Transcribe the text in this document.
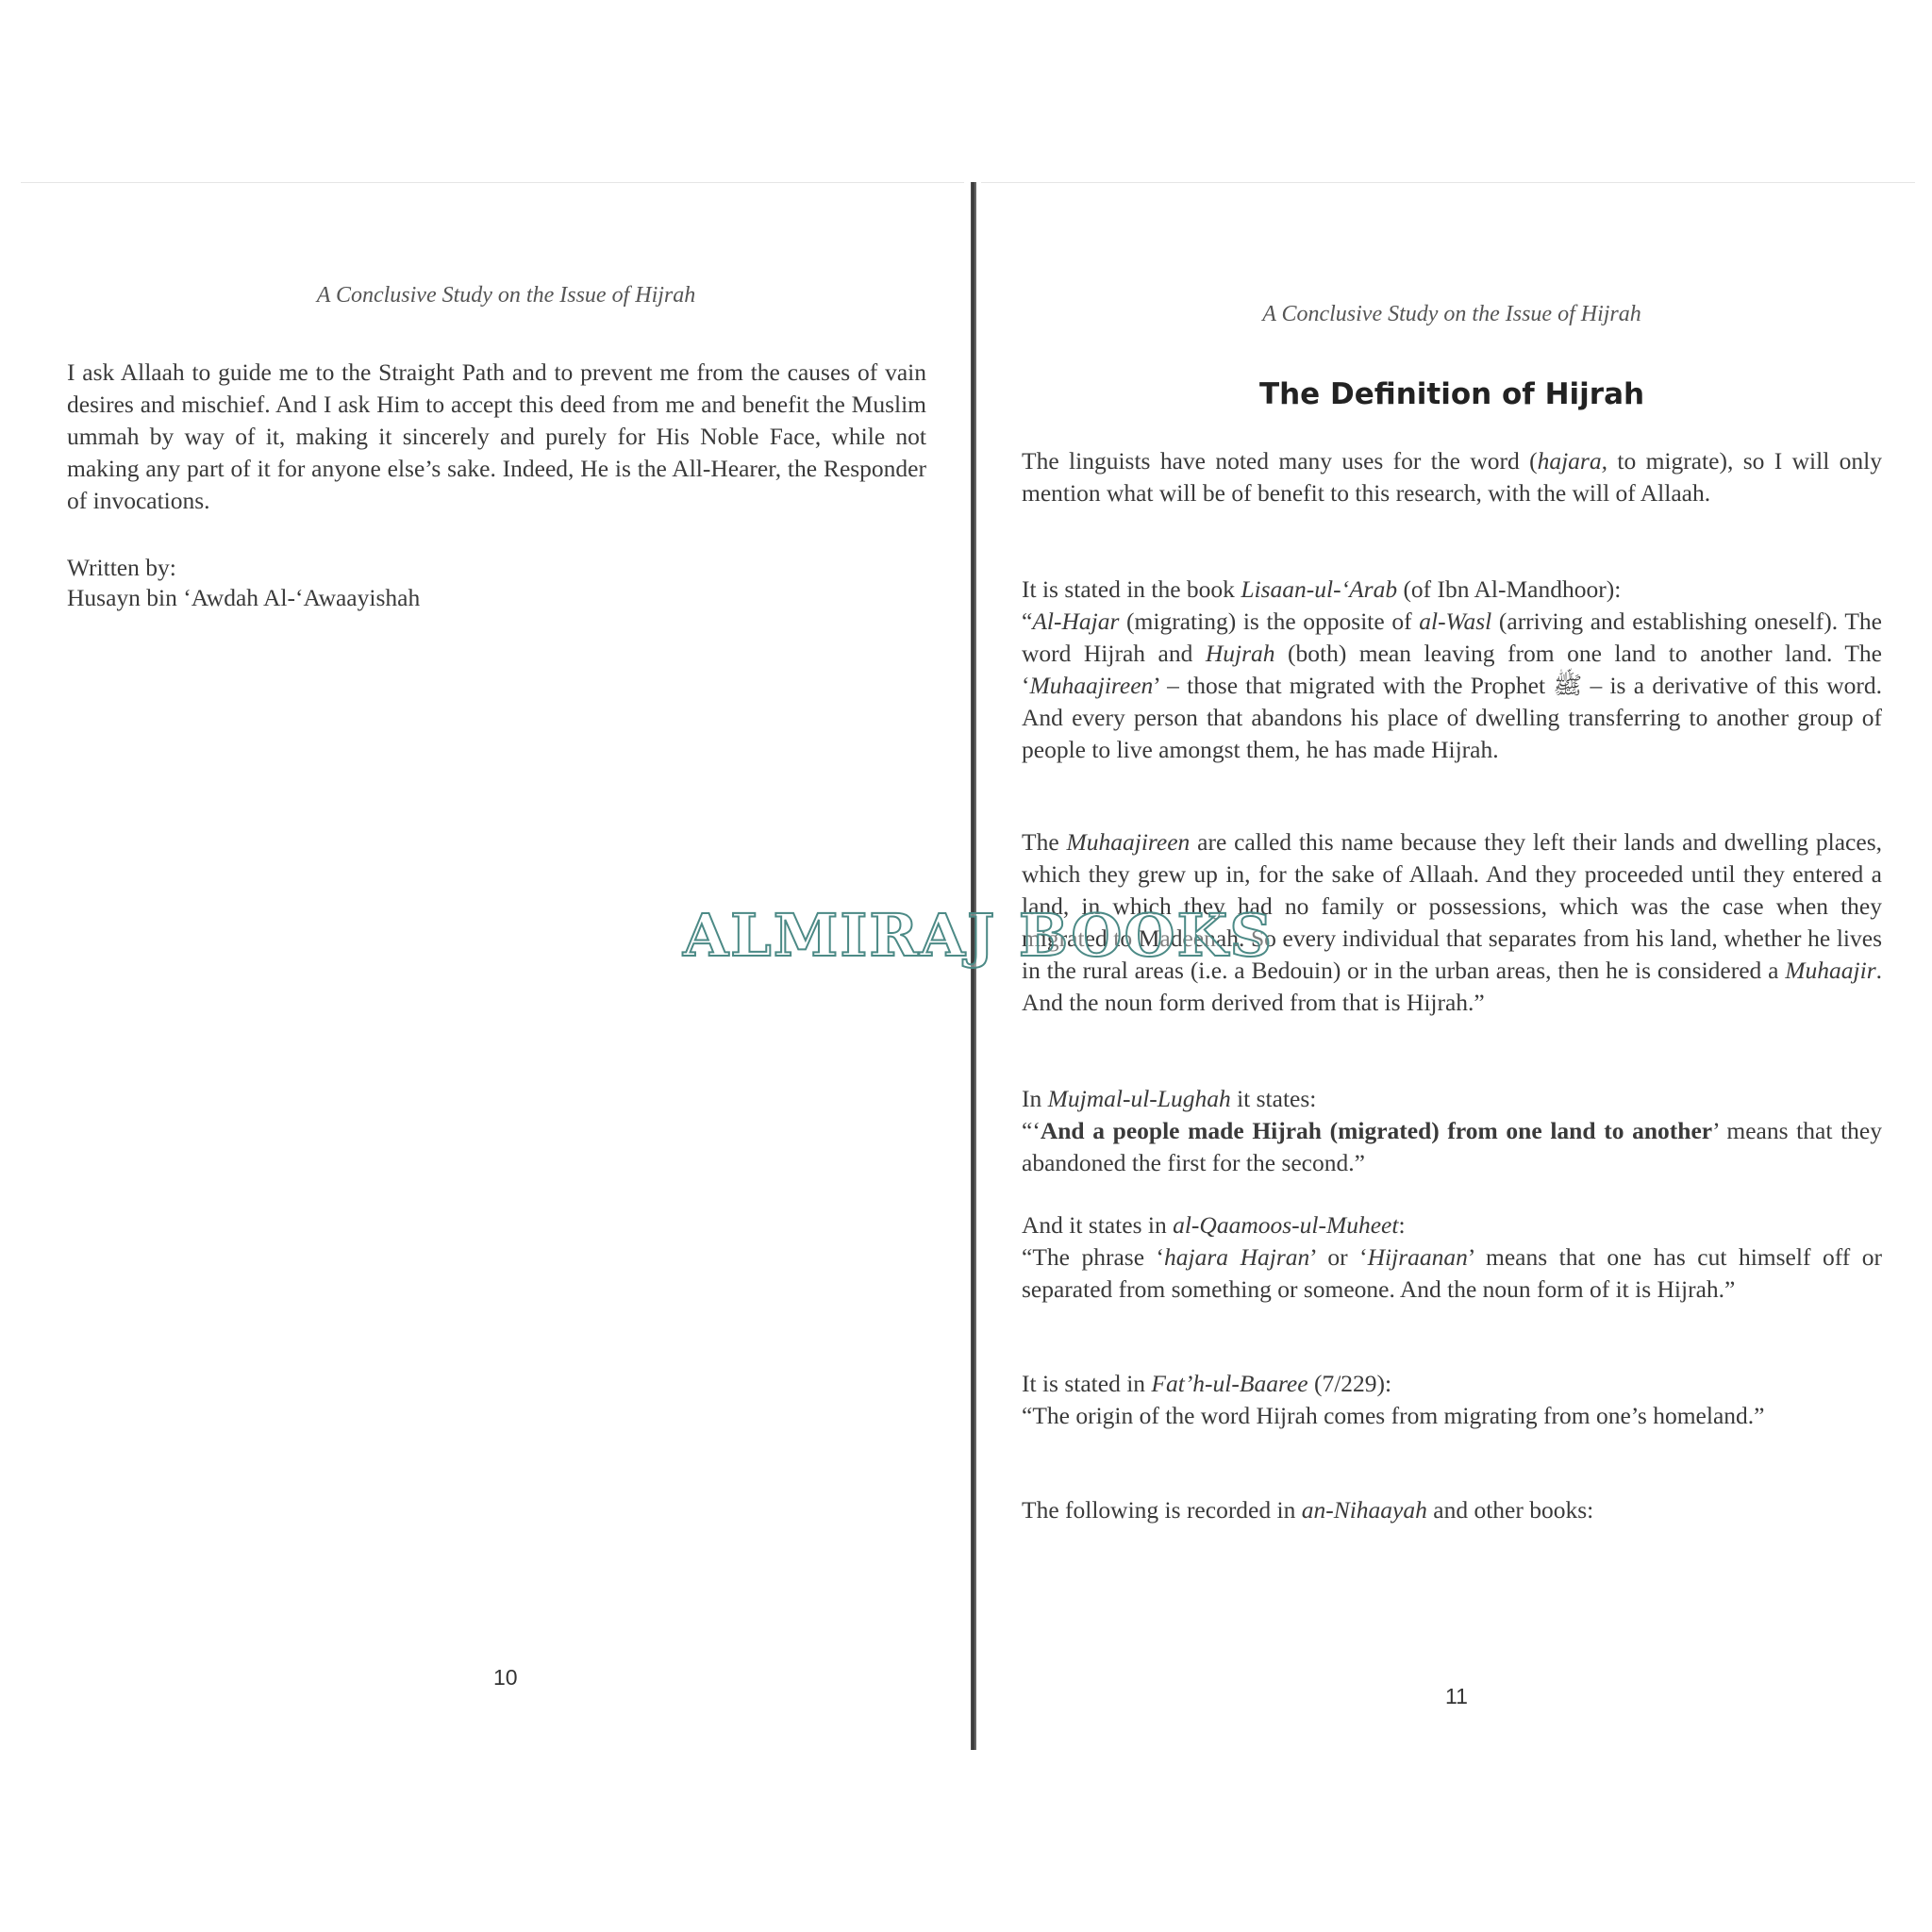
A Conclusive Study on the Issue of Hijrah

I ask Allaah to guide me to the Straight Path and to prevent me from the causes of vain desires and mischief. And I ask Him to accept this deed from me and benefit the Muslim ummah by way of it, making it sincerely and purely for His Noble Face, while not making any part of it for anyone else’s sake. Indeed, He is the All-Hearer, the Responder of invocations.

Written by:
Husayn bin ‘Awdah Al-‘Awaayishah
10

A Conclusive Study on the Issue of Hijrah

The Definition of Hijrah

The linguists have noted many uses for the word (hajara, to migrate), so I will only mention what will be of benefit to this research, with the will of Allaah.

It is stated in the book Lisaan-ul-‘Arab (of Ibn Al-Mandhoor):

“Al-Hajar (migrating) is the opposite of al-Wasl (arriving and establishing oneself). The word Hijrah and Hujrah (both) mean leaving from one land to another land. The ‘Muhaajireen’ – those that migrated with the Prophet ﷺ – is a derivative of this word. And every person that abandons his place of dwelling transferring to another group of people to live amongst them, he has made Hijrah.

The Muhaajireen are called this name because they left their lands and dwelling places, which they grew up in, for the sake of Allaah. And they proceeded until they entered a land, in which they had no family or possessions, which was the case when they migrated to Madeenah. So every individual that separates from his land, whether he lives in the rural areas (i.e. a Bedouin) or in the urban areas, then he is considered a Muhaajir. And the noun form derived from that is Hijrah.”

In Mujmal-ul-Lughah it states:

“‘And a people made Hijrah (migrated) from one land to another’ means that they abandoned the first for the second.”

And it states in al-Qaamoos-ul-Muheet:

“The phrase ‘hajara Hajran’ or ‘Hijraanan’ means that one has cut himself off or separated from something or someone. And the noun form of it is Hijrah.”

It is stated in Fat’h-ul-Baaree (7/229):

“The origin of the word Hijrah comes from migrating from one’s homeland.”

The following is recorded in an-Nihaayah and other books:

11
ALMIRAJ BOOKS
